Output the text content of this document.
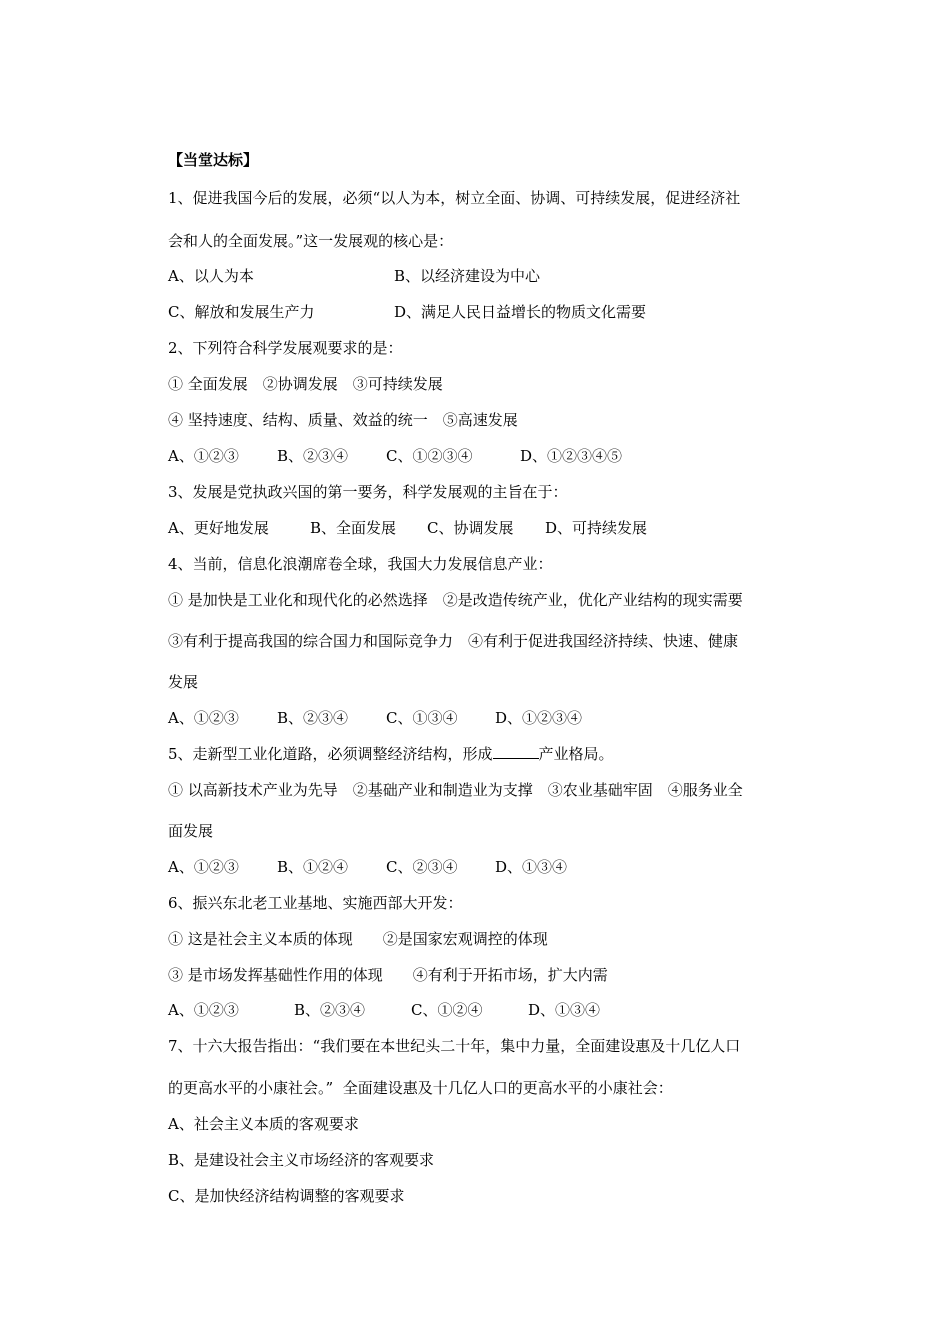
【当堂达标】
1、促进我国今后的发展，必须“以人为本，树立全面、协调、可持续发展，促进经济社
会和人的全面发展。”这一发展观的核心是：
A、以人为本	B、以经济建设为中心
C、解放和发展生产力	D、满足人民日益增长的物质文化需要
2、下列符合科学发展观要求的是：
① 全面发展　②协调发展　③可持续发展
④ 坚持速度、结构、质量、效益的统一　⑤高速发展
A、①②③	B、②③④	C、①②③④	D、①②③④⑤
3、发展是党执政兴国的第一要务，科学发展观的主旨在于：
A、更好地发展	B、全面发展 C、协调发展 D、可持续发展
4、当前，信息化浪潮席卷全球，我国大力发展信息产业：
① 是加快是工业化和现代化的必然选择　②是改造传统产业，优化产业结构的现实需要
③有利于提高我国的综合国力和国际竞争力　④有利于促进我国经济持续、快速、健康
发展
A、①②③	B、②③④	C、①③④	D、①②③④
5、走新型工业化道路，必须调整经济结构，形成	产业格局。
① 以高新技术产业为先导　②基础产业和制造业为支撑　③农业基础牢固　④服务业全
面发展
A、①②③	B、①②④	C、②③④	D、①③④
6、振兴东北老工业基地、实施西部大开发：
① 这是社会主义本质的体现　　②是国家宏观调控的体现
③ 是市场发挥基础性作用的体现　　④有利于开拓市场，扩大内需
A、①②③	B、②③④	C、①②④	D、①③④
7、十六大报告指出：“我们要在本世纪头二十年，集中力量，全面建设惠及十几亿人口
的更高水平的小康社会。”  全面建设惠及十几亿人口的更高水平的小康社会：
A、社会主义本质的客观要求
B、是建设社会主义市场经济的客观要求
C、是加快经济结构调整的客观要求
